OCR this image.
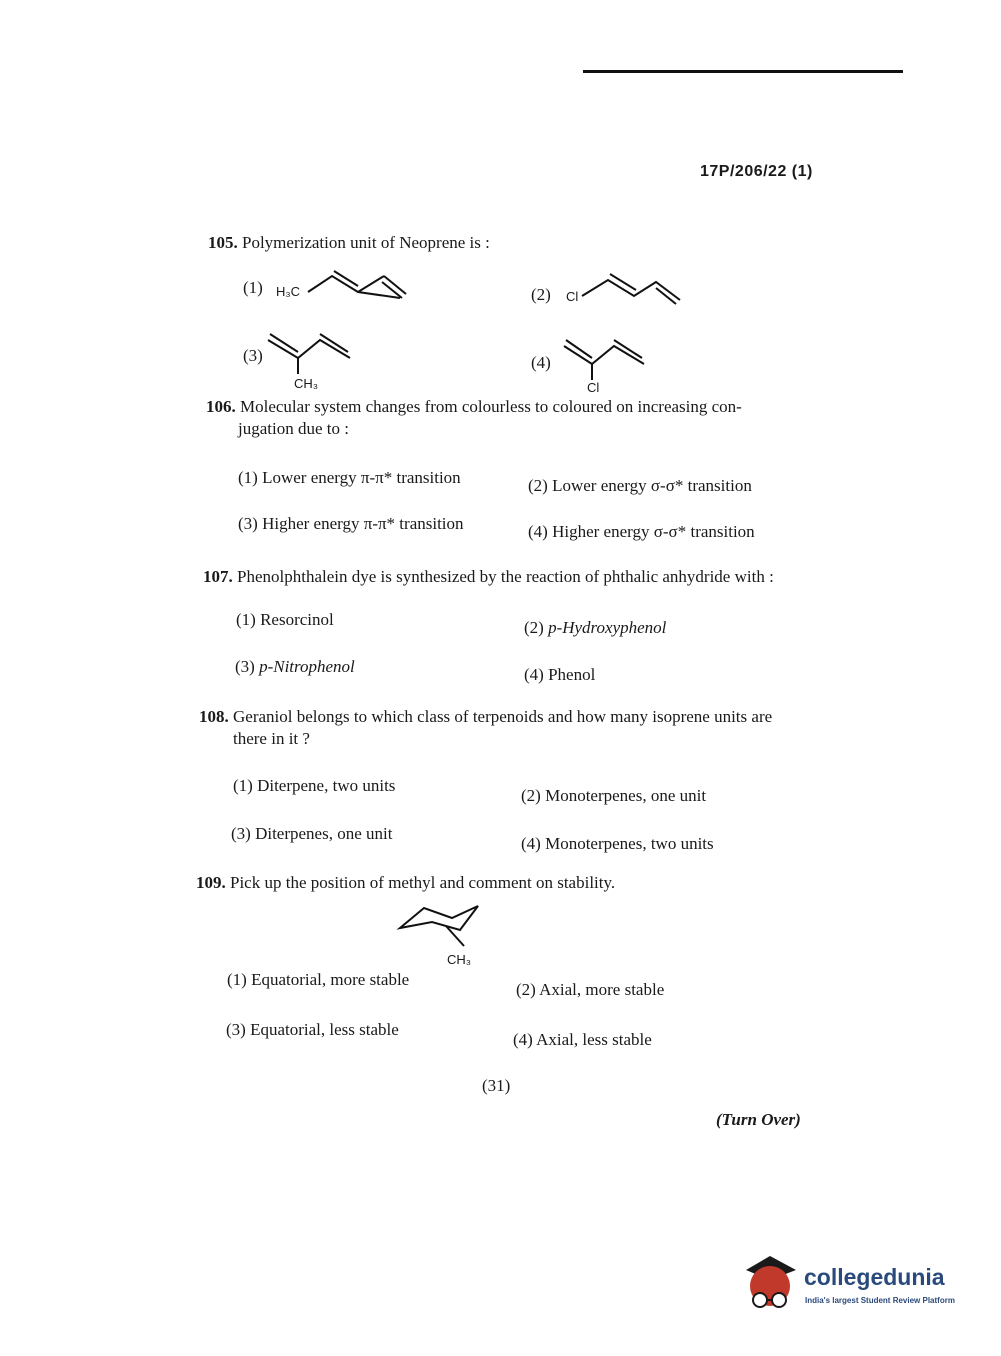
17P/206/22 (1)
105. Polymerization unit of Neoprene is :
(1) H₃C	(2) Cl
(3)
CH₃
(4)
Cl
106. Molecular system changes from colourless to coloured on increasing con-
jugation due to :
(1) Lower energy π-π* transition	(2) Lower energy σ-σ* transition
(3) Higher energy π-π* transition	(4) Higher energy σ-σ* transition
107. Phenolphthalein dye is synthesized by the reaction of phthalic anhydride with :
(1) Resorcinol	(2) p-Hydroxyphenol
(3) p-Nitrophenol	(4) Phenol
108. Geraniol belongs to which class of terpenoids and how many isoprene units are
there in it ?
(1) Diterpene, two units
(2) Monoterpenes, one unit
(3) Diterpenes, one unit
(4) Monoterpenes, two units
109. Pick up the position of methyl and comment on stability.
CH₃
(1) Equatorial, more stable
(2) Axial, more stable
(3) Equatorial, less stable
(4) Axial, less stable
(31)
(Turn Over)
collegedunia
India's largest Student Review Platform
